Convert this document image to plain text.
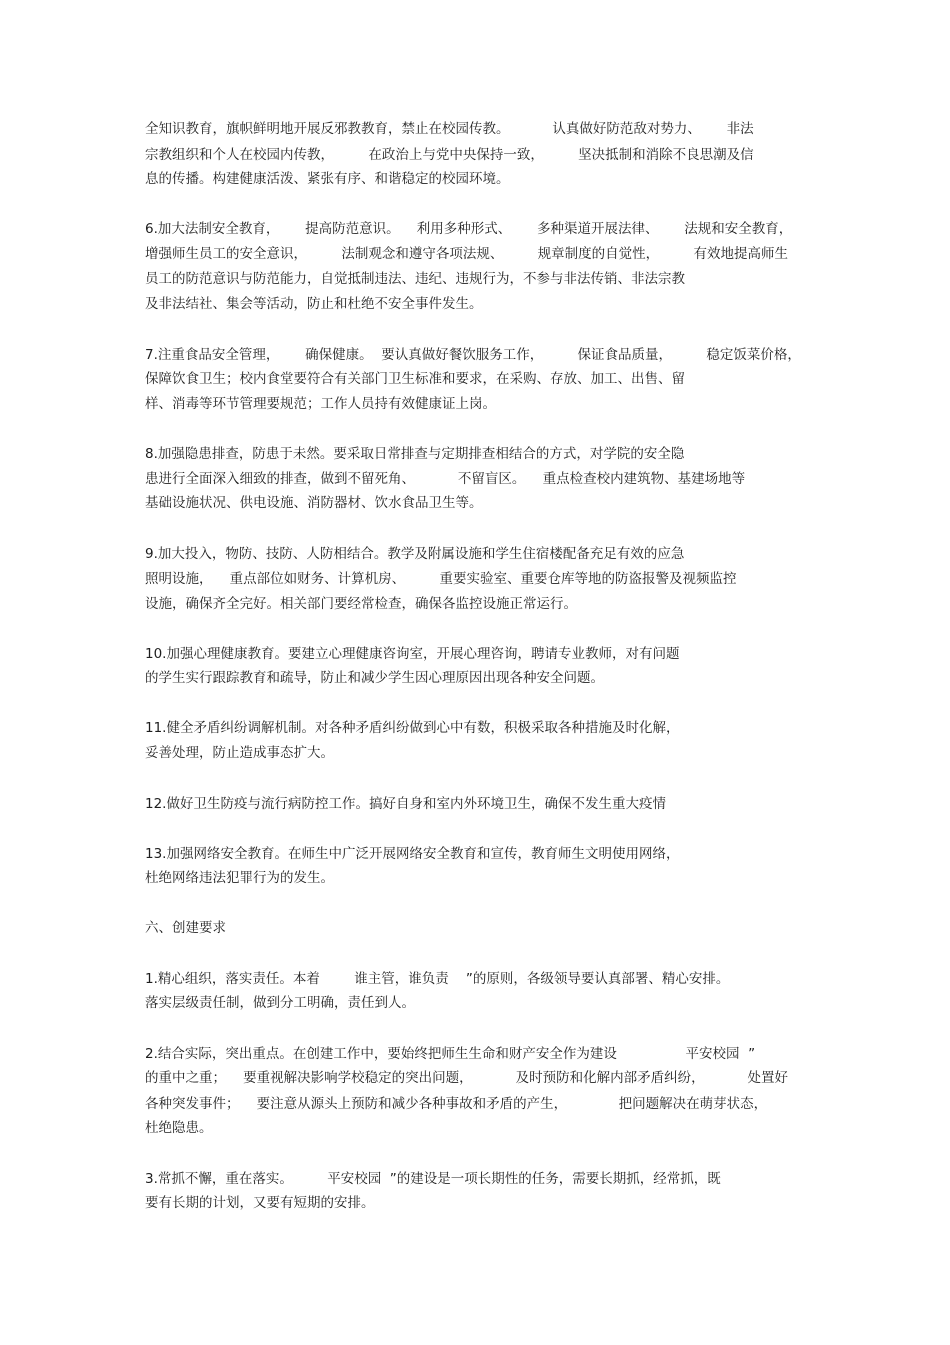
全知识教育，旗帜鲜明地开展反邪教教育，禁止在校园传教。          认真做好防范敌对势力、      非法
宗教组织和个人在校园内传教，        在政治上与党中央保持一致，        坚决抵制和消除不良思潮及信
息的传播。构建健康活泼、紧张有序、和谐稳定的校园环境。
6.加大法制安全教育，      提高防范意识。    利用多种形式、      多种渠道开展法律、      法规和安全教育，
增强师生员工的安全意识，        法制观念和遵守各项法规、        规章制度的自觉性，        有效地提高师生
员工的防范意识与防范能力，自觉抵制违法、违纪、违规行为，不参与非法传销、非法宗教
及非法结社、集会等活动，防止和杜绝不安全事件发生。
7.注重食品安全管理，      确保健康。  要认真做好餐饮服务工作，        保证食品质量，        稳定饭菜价格，
保障饮食卫生；校内食堂要符合有关部门卫生标准和要求，在采购、存放、加工、出售、留
样、消毒等环节管理要规范；工作人员持有效健康证上岗。
8.加强隐患排查，防患于未然。要采取日常排查与定期排查相结合的方式，对学院的安全隐
患进行全面深入细致的排查，做到不留死角、          不留盲区。    重点检查校内建筑物、基建场地等
基础设施状况、供电设施、消防器材、饮水食品卫生等。
9.加大投入，物防、技防、人防相结合。教学及附属设施和学生住宿楼配备充足有效的应急
照明设施，    重点部位如财务、计算机房、        重要实验室、重要仓库等地的防盗报警及视频监控
设施，确保齐全完好。相关部门要经常检查，确保各监控设施正常运行。
10.加强心理健康教育。要建立心理健康咨询室，开展心理咨询，聘请专业教师，对有问题
的学生实行跟踪教育和疏导，防止和减少学生因心理原因出现各种安全问题。
11.健全矛盾纠纷调解机制。对各种矛盾纠纷做到心中有数，积极采取各种措施及时化解，
妥善处理，防止造成事态扩大。
12.做好卫生防疫与流行病防控工作。搞好自身和室内外环境卫生，确保不发生重大疫情
13.加强网络安全教育。在师生中广泛开展网络安全教育和宣传，教育师生文明使用网络，
杜绝网络违法犯罪行为的发生。
六、创建要求
1.精心组织，落实责任。本着        谁主管，谁负责    ”的原则，各级领导要认真部署、精心安排。
落实层级责任制，做到分工明确，责任到人。
2.结合实际，突出重点。在创建工作中，要始终把师生生命和财产安全作为建设                平安校园  ”
的重中之重；    要重视解决影响学校稳定的突出问题，          及时预防和化解内部矛盾纠纷，          处置好
各种突发事件；    要注意从源头上预防和减少各种事故和矛盾的产生，            把问题解决在萌芽状态，
杜绝隐患。
3.常抓不懈，重在落实。        平安校园  ”的建设是一项长期性的任务，需要长期抓，经常抓，既
要有长期的计划，又要有短期的安排。
